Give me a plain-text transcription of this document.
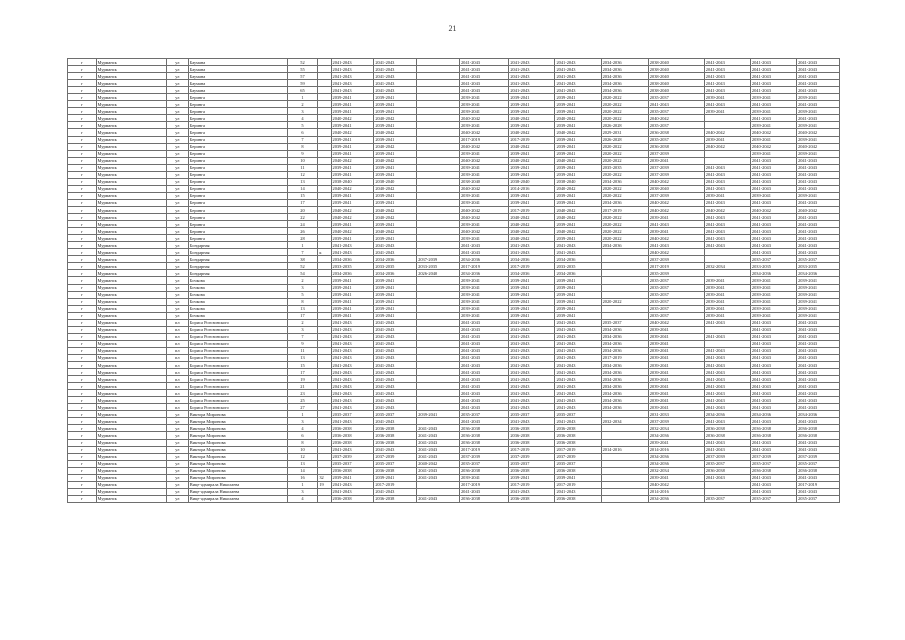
21
г	Мурманск	ул	Баумана	52		2041-2043	2041-2043		2041-2043	2041-2043	2041-2043	2034-2036	2038-2040	2041-2043	2041-2043	2041-2043
г	Мурманск	ул	Баумана	55		2041-2043	2041-2043		2041-2043	2041-2043	2041-2043	2034-2036	2038-2040	2041-2043	2041-2043	2041-2043
г	Мурманск	ул	Баумана	57		2041-2043	2041-2043		2041-2043	2041-2043	2041-2043	2034-2036	2038-2040	2041-2043	2041-2043	2041-2043
г	Мурманск	ул	Баумана	59		2041-2043	2041-2043		2041-2043	2041-2043	2041-2043	2034-2036	2038-2040	2041-2043	2041-2043	2041-2043
г	Мурманск	ул	Баумана	65		2041-2043	2041-2043		2041-2043	2041-2043	2041-2043	2034-2036	2038-2040	2041-2043	2041-2043	2041-2043
г	Мурманск	ул	Беринга	1		2039-2041	2039-2041		2039-2041	2039-2041	2039-2041	2020-2022	2035-2037	2039-2041	2039-2041	2039-2041
г	Мурманск	ул	Беринга	2		2039-2041	2039-2041		2039-2041	2039-2041	2039-2041	2020-2022	2041-2043	2041-2043	2041-2043	2041-2043
г	Мурманск	ул	Беринга	3		2039-2041	2039-2041		2039-2041	2039-2041	2039-2041	2020-2022	2035-2037	2039-2041	2039-2041	2039-2041
г	Мурманск	ул	Беринга	4		2040-2042	2040-2042		2040-2042	2040-2042	2040-2042	2020-2022	2040-2042		2041-2043	2041-2043
г	Мурманск	ул	Беринга	5		2039-2041	2039-2041		2039-2041	2039-2041	2039-2041	2026-2028	2035-2037		2039-2041	2039-2041
г	Мурманск	ул	Беринга	6		2040-2042	2040-2042		2040-2042	2040-2042	2040-2042	2029-2031	2036-2038	2040-2042	2040-2042	2040-2042
г	Мурманск	ул	Беринга	7		2039-2041	2039-2041		2017-2019	2017-2019	2039-2041	2026-2028	2035-2037	2039-2041	2039-2041	2039-2041
г	Мурманск	ул	Беринга	8		2039-2041	2040-2042		2040-2042	2040-2042	2039-2041	2020-2022	2036-2038	2040-2042	2040-2042	2040-2042
г	Мурманск	ул	Беринга	9		2039-2041	2039-2041		2039-2041	2039-2041	2039-2041	2020-2022	2037-2039		2039-2041	2039-2041
г	Мурманск	ул	Беринга	10		2040-2042	2040-2042		2040-2042	2040-2042	2040-2042	2020-2022	2039-2041		2041-2043	2041-2043
г	Мурманск	ул	Беринга	11		2039-2041	2039-2041		2039-2041	2039-2041	2039-2041	2035-2035	2037-2039	2041-2043	2041-2043	2041-2043
г	Мурманск	ул	Беринга	12		2039-2041	2039-2041		2039-2041	2039-2041	2039-2041	2020-2022	2037-2039	2041-2043	2041-2043	2041-2043
г	Мурманск	ул	Беринга	13		2038-2040	2038-2040		2038-2040	2038-2040	2038-2040	2034-2036	2040-2042	2041-2043	2041-2043	2041-2043
г	Мурманск	ул	Беринга	14		2040-2042	2040-2042		2040-2042	2014-2016	2040-2042	2020-2022	2038-2040	2041-2043	2041-2043	2041-2043
г	Мурманск	ул	Беринга	15		2039-2041	2039-2041		2039-2041	2039-2041	2039-2041	2020-2022	2037-2039	2039-2041	2039-2041	2039-2041
г	Мурманск	ул	Беринга	17		2039-2041	2039-2041		2039-2041	2039-2041	2039-2041	2034-2036	2040-2042	2041-2043	2041-2043	2041-2043
г	Мурманск	ул	Беринга	20		2040-2042	2040-2042		2040-2042	2017-2019	2040-2042	2017-2019	2040-2042	2040-2042	2040-2042	2040-2042
г	Мурманск	ул	Беринга	22		2040-2042	2040-2042		2040-2042	2040-2042	2040-2042	2020-2022	2039-2041	2041-2043	2041-2043	2041-2043
г	Мурманск	ул	Беринга	24		2039-2041	2039-2041		2039-2041	2040-2042	2039-2041	2020-2022	2041-2043	2041-2043	2041-2043	2041-2043
г	Мурманск	ул	Беринга	26		2040-2042	2040-2042		2040-2042	2040-2042	2040-2042	2020-2022	2039-2041	2041-2043	2041-2043	2041-2043
г	Мурманск	ул	Беринга	28		2039-2041	2039-2041		2039-2041	2040-2042	2039-2041	2020-2022	2040-2042	2041-2043	2041-2043	2041-2043
г	Мурманск	ул	Бондарная	1		2041-2043	2041-2043		2041-2043	2041-2043	2041-2043	2034-2036	2041-2043	2041-2043	2041-2043	2041-2043
г	Мурманск	ул	Бондарная	7	к	2041-2043	2041-2043		2041-2043	2041-2043	2041-2043		2040-2042		2041-2043	2041-2043
г	Мурманск	ул	Бондарная	38		2034-2036	2034-2036	2037-2039	2034-2036	2034-2036	2034-2036		2037-2039		2035-2037	2035-2037
г	Мурманск	ул	Бондарная	52		2033-2035	2033-2035	2033-2035	2017-2019	2017-2019	2033-2035		2017-2019	2032-2034	2033-2035	2033-2035
г	Мурманск	ул	Бондарная	54		2034-2036	2034-2036	2026-2040	2034-2036	2034-2036	2034-2036		2035-2039		2034-2036	2034-2036
г	Мурманск	ул	Бочкова	2		2039-2041	2039-2041		2039-2041	2039-2041	2039-2041		2035-2037	2039-2041	2039-2041	2039-2041
г	Мурманск	ул	Бочкова	3		2039-2041	2039-2041		2039-2041	2039-2041	2039-2041		2035-2037	2039-2041	2039-2041	2039-2041
г	Мурманск	ул	Бочкова	5		2039-2041	2039-2041		2039-2041	2039-2041	2039-2041		2035-2037	2039-2041	2039-2041	2039-2041
г	Мурманск	ул	Бочкова	8		2039-2041	2039-2041		2039-2041	2039-2041	2039-2041	2020-2022	2035-2037	2039-2041	2039-2041	2039-2041
г	Мурманск	ул	Бочкова	13		2039-2041	2039-2041		2039-2041	2039-2041	2039-2041		2035-2037	2039-2041	2039-2041	2039-2041
г	Мурманск	ул	Бочкова	17		2039-2041	2039-2041		2039-2041	2039-2041	2039-2041		2035-2037	2039-2041	2039-2041	2039-2041
г	Мурманск	пл	Бориса Рогозинского	2		2041-2043	2041-2043		2041-2043	2041-2043	2041-2043	2035-2037	2040-2042	2041-2043	2041-2043	2041-2043
г	Мурманск	пл	Бориса Рогозинского	3		2041-2043	2041-2043		2041-2043	2041-2043	2041-2043	2034-2036	2039-2041		2041-2043	2041-2043
г	Мурманск	пл	Бориса Рогозинского	7		2041-2043	2041-2043		2041-2043	2041-2043	2041-2043	2034-2036	2039-2041	2041-2043	2041-2043	2041-2043
г	Мурманск	пл	Бориса Рогозинского	9		2041-2043	2041-2043		2041-2043	2041-2043	2041-2043	2034-2036	2039-2041		2041-2043	2041-2043
г	Мурманск	пл	Бориса Рогозинского	11		2041-2043	2041-2043		2041-2043	2041-2043	2041-2043	2034-2036	2039-2041	2041-2043	2041-2043	2041-2043
г	Мурманск	пл	Бориса Рогозинского	13		2041-2043	2041-2043		2041-2043	2041-2043	2041-2043	2017-2019	2039-2041	2041-2043	2041-2043	2041-2043
г	Мурманск	пл	Бориса Рогозинского	15		2041-2043	2041-2043		2041-2043	2041-2043	2041-2043	2034-2036	2039-2041	2041-2043	2041-2043	2041-2043
г	Мурманск	пл	Бориса Рогозинского	17		2041-2043	2041-2043		2041-2043	2041-2043	2041-2043	2034-2036	2039-2041	2041-2043	2041-2043	2041-2043
г	Мурманск	пл	Бориса Рогозинского	19		2041-2043	2041-2043		2041-2043	2041-2043	2041-2043	2034-2036	2039-2041	2041-2043	2041-2043	2041-2043
г	Мурманск	пл	Бориса Рогозинского	21		2041-2043	2041-2043		2041-2043	2041-2043	2041-2043	2034-2036	2039-2041	2041-2043	2041-2043	2041-2043
г	Мурманск	пл	Бориса Рогозинского	23		2041-2043	2041-2043		2041-2043	2041-2043	2041-2043	2034-2036	2039-2041	2041-2043	2041-2043	2041-2043
г	Мурманск	пл	Бориса Рогозинского	25		2041-2043	2041-2043		2041-2043	2041-2043	2041-2043	2034-2036	2039-2041	2041-2043	2041-2043	2041-2043
г	Мурманск	пл	Бориса Рогозинского	27		2041-2043	2041-2043		2041-2043	2041-2043	2041-2043	2034-2036	2039-2041	2041-2043	2041-2043	2041-2043
г	Мурманск	ул	Виктора Миронова	1		2035-2037	2035-2037	2039-2041	2035-2037	2035-2037	2035-2037		2031-2033	2034-2036	2034-2036	2034-2036
г	Мурманск	ул	Виктора Миронова	3		2041-2043	2041-2043		2041-2043	2041-2043	2041-2043	2032-2034	2037-2039	2041-2043	2041-2043	2041-2043
г	Мурманск	ул	Виктора Миронова	4		2036-2038	2036-2038	2041-2043	2036-2038	2036-2038	2036-2038		2032-2034	2036-2038	2036-2038	2036-2038
г	Мурманск	ул	Виктора Миронова	6		2036-2038	2036-2038	2041-2043	2036-2038	2036-2038	2036-2038		2034-2036	2036-2038	2036-2038	2036-2038
г	Мурманск	ул	Виктора Миронова	8		2036-2038	2036-2038	2041-2043	2036-2038	2036-2038	2036-2038		2039-2041	2041-2043	2041-2043	2041-2043
г	Мурманск	ул	Виктора Миронова	10		2041-2043	2041-2043	2041-2043	2017-2019	2017-2019	2017-2019	2014-2016	2014-2016	2041-2043	2041-2043	2041-2043
г	Мурманск	ул	Виктора Миронова	12		2037-2039	2037-2039	2041-2043	2037-2039	2037-2039	2037-2039		2034-2036	2037-2039	2037-2039	2037-2039
г	Мурманск	ул	Виктора Миронова	13		2035-2037	2035-2037	2040-2042	2035-2037	2035-2037	2035-2037		2034-2036	2035-2037	2035-2037	2035-2037
г	Мурманск	ул	Виктора Миронова	14		2036-2038	2036-2038	2041-2043	2036-2038	2036-2038	2036-2038		2032-2034	2036-2038	2036-2038	2036-2038
г	Мурманск	ул	Виктора Миронова	16	32	2039-2041	2039-2041	2041-2043	2039-2041	2039-2041	2039-2041		2039-2041	2041-2043	2041-2043	2041-2043
г	Мурманск	ул	Вице-адмирала Николаева	1	19	2041-2043	2017-2019		2017-2019	2017-2019	2017-2019		2040-2042		2041-2043	2017-2019
г	Мурманск	ул	Вице-адмирала Николаева	3		2041-2043	2041-2043		2041-2043	2041-2043	2041-2043		2014-2016		2041-2043	2041-2043
г	Мурманск	ул	Вице-адмирала Николаева	4		2036-2038	2036-2038	2041-2043	2036-2038	2036-2038	2036-2038		2034-2036	2035-2037	2035-2037	2035-2037
